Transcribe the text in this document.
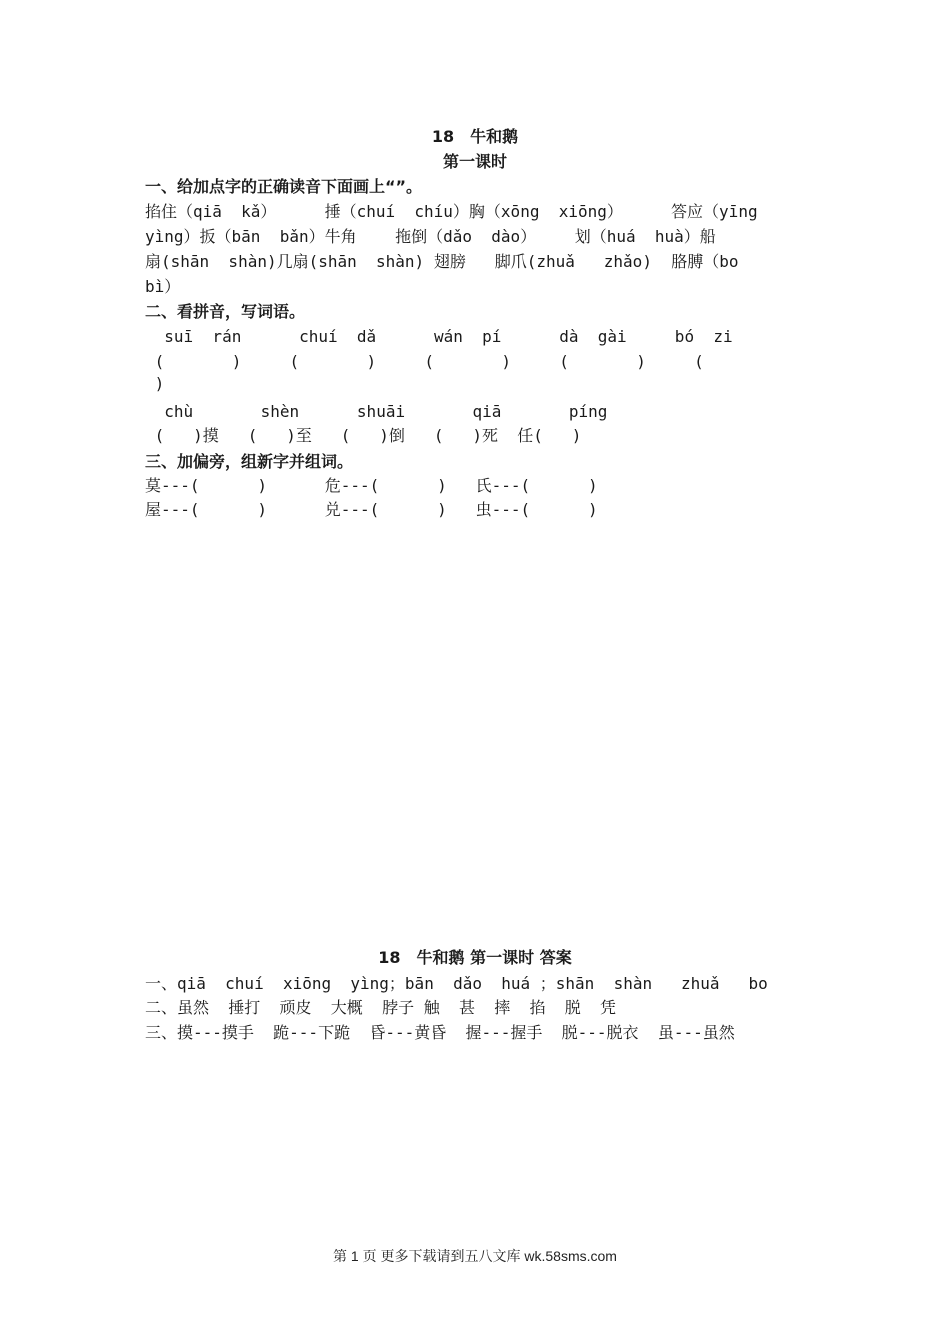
18　牛和鹅
第一课时
一、给加点字的正确读音下面画上“”。
掐住（qiā  kǎ）     捶（chuí  chíu）胸（xōng  xiōng）     答应（yīng
yìng）扳（bān  bǎn）牛角    拖倒（dǎo  dào）    划（huá  huà）船
扇(shān  shàn)几扇(shān  shàn) 翅膀   脚爪(zhuǎ   zhǎo)  胳膊（bo
bì）
二、看拼音，写词语。
suī  rán      chuí  dǎ      wán  pí      dà  gài     bó  zi
(       )     (       )     (       )     (       )     (
)
chù       shèn      shuāi       qiā       píng
(   )摸   (   )至   (   )倒   (   )死  任(   )
三、加偏旁，组新字并组词。
莫---(      )      危---(      )   氏---(      )
屋---(      )      兑---(      )   虫---(      )
18　牛和鹅 第一课时 答案
一、qiā  chuí  xiōng  yìng；bān  dǎo  huá ；shān  shàn   zhuǎ   bo
二、虽然  捶打  顽皮  大概  脖子 触  甚  摔  掐  脱  凭
三、摸---摸手  跪---下跪  昏---黄昏  握---握手  脱---脱衣  虽---虽然
第 1 页 更多下载请到五八文库 wk.58sms.com
